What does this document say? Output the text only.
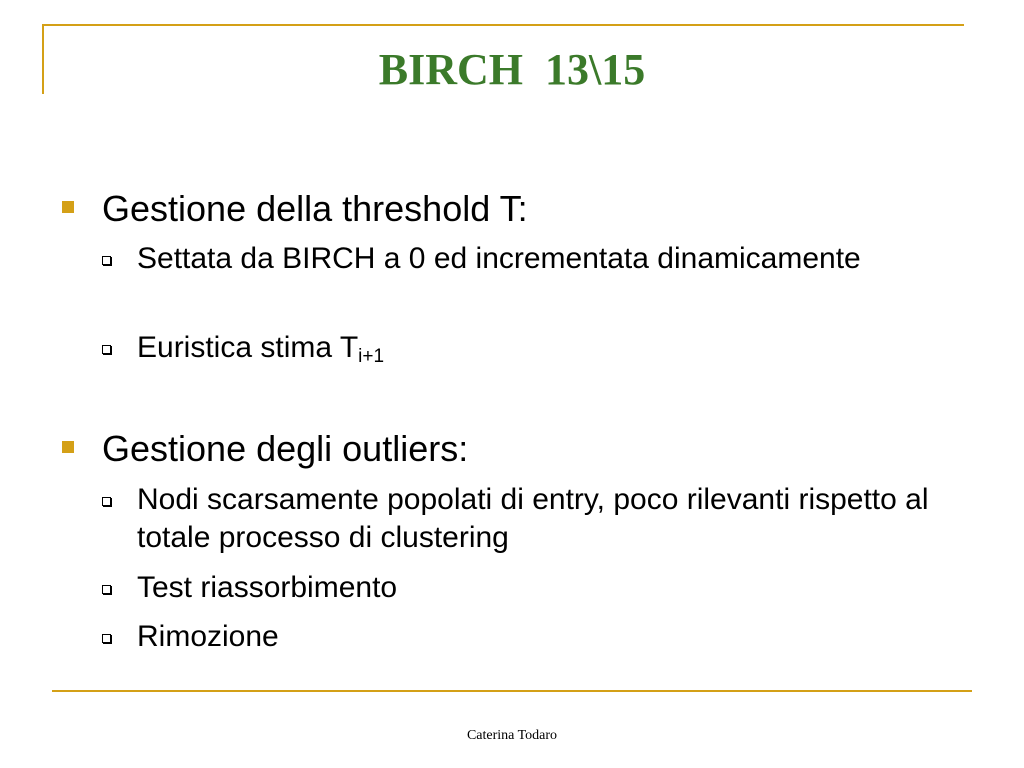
BIRCH  13\15
Gestione della threshold T:
Settata da BIRCH a 0 ed incrementata dinamicamente
Euristica stima $T_{i+1}$
Gestione degli outliers:
Nodi scarsamente popolati di entry, poco rilevanti rispetto al totale processo di clustering
Test riassorbimento
Rimozione
Caterina Todaro
